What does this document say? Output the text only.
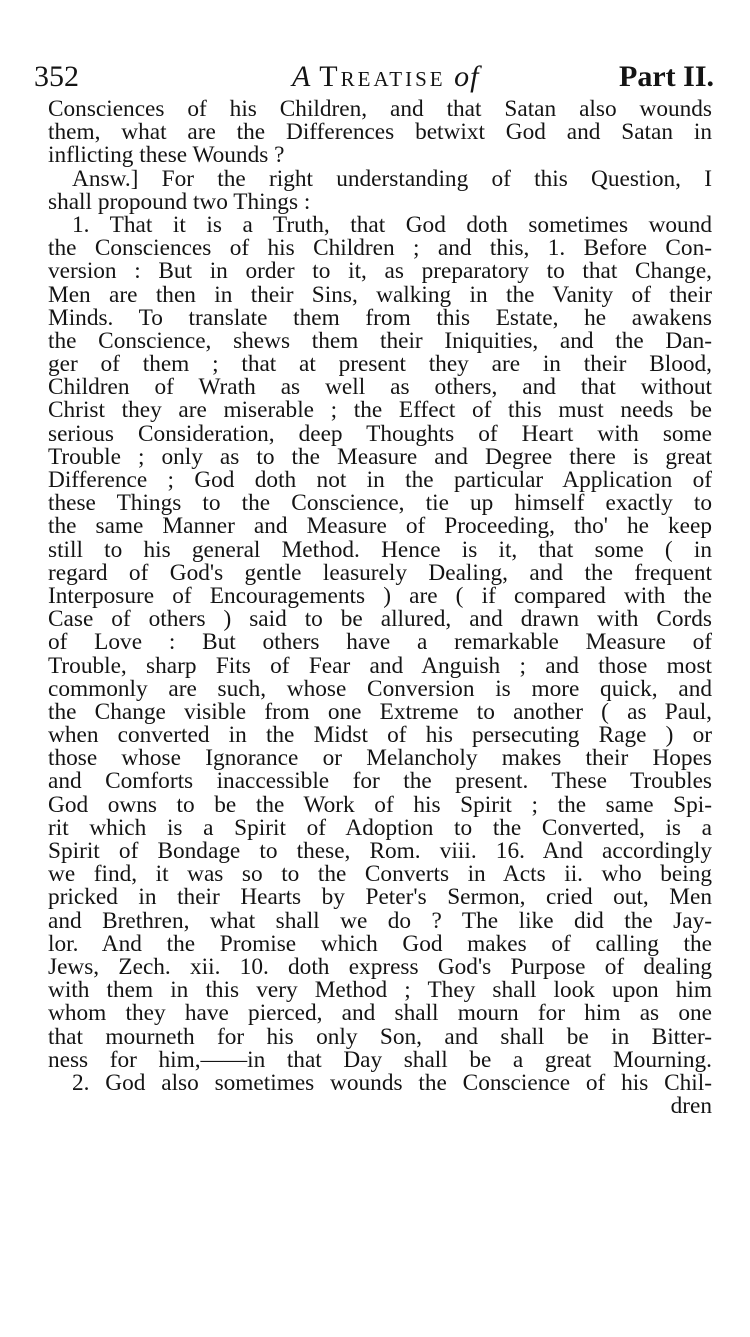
352	A Treatise of	Part II.
Consciences of his Children, and that Satan also wounds
them, what are the Differences betwixt God and Satan in
inflicting these Wounds ?
Answ.] For the right understanding of this Question, I
shall propound two Things :
1. That it is a Truth, that God doth sometimes wound
the Consciences of his Children ; and this, 1. Before Con-
version : But in order to it, as preparatory to that Change,
Men are then in their Sins, walking in the Vanity of their
Minds. To translate them from this Estate, he awakens
the Conscience, shews them their Iniquities, and the Dan-
ger of them ; that at present they are in their Blood,
Children of Wrath as well as others, and that without
Christ they are miserable ; the Effect of this must needs be
serious Consideration, deep Thoughts of Heart with some
Trouble ; only as to the Measure and Degree there is great
Difference ; God doth not in the particular Application of
these Things to the Conscience, tie up himself exactly to
the same Manner and Measure of Proceeding, tho' he keep
still to his general Method. Hence is it, that some ( in
regard of God's gentle leasurely Dealing, and the frequent
Interposure of Encouragements ) are ( if compared with the
Case of others ) said to be allured, and drawn with Cords
of Love : But others have a remarkable Measure of
Trouble, sharp Fits of Fear and Anguish ; and those most
commonly are such, whose Conversion is more quick, and
the Change visible from one Extreme to another ( as Paul,
when converted in the Midst of his persecuting Rage ) or
those whose Ignorance or Melancholy makes their Hopes
and Comforts inaccessible for the present. These Troubles
God owns to be the Work of his Spirit ; the same Spi-
rit which is a Spirit of Adoption to the Converted, is a
Spirit of Bondage to these, Rom. viii. 16. And accordingly
we find, it was so to the Converts in Acts ii. who being
pricked in their Hearts by Peter's Sermon, cried out, Men
and Brethren, what shall we do ? The like did the Jay-
lor. And the Promise which God makes of calling the
Jews, Zech. xii. 10. doth express God's Purpose of dealing
with them in this very Method ; They shall look upon him
whom they have pierced, and shall mourn for him as one
that mourneth for his only Son, and shall be in Bitter-
ness for him,——in that Day shall be a great Mourning.
2. God also sometimes wounds the Conscience of his Chil-
dren
